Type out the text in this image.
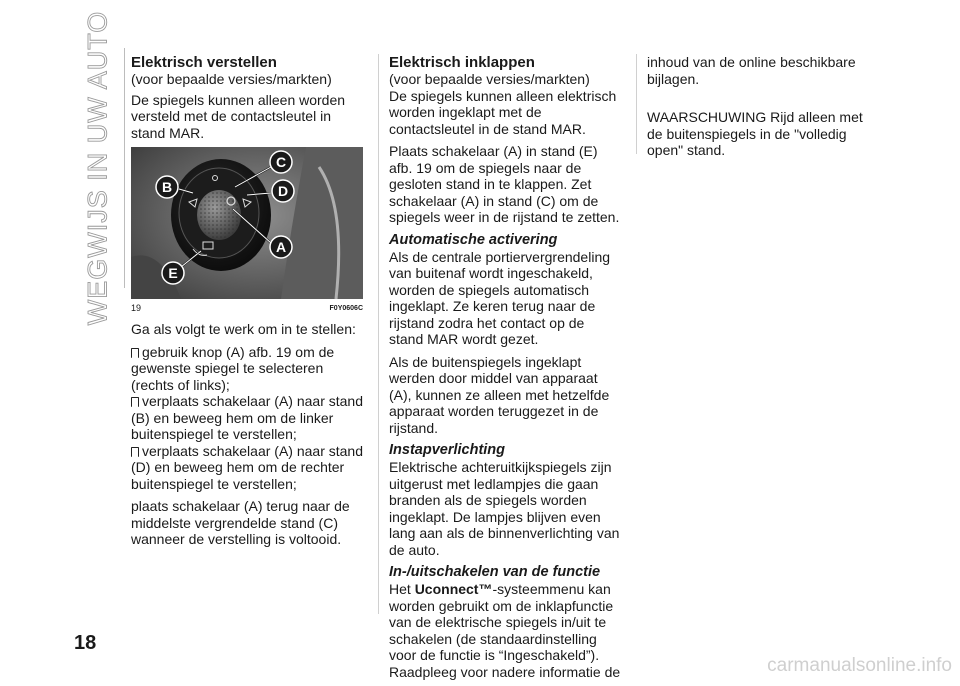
WEGWIJS IN UW AUTO Elektrisch verstellen

(voor bepaalde versies/markten)

De spiegels kunnen alleen worden versteld met de contactsleutel in stand MAR.

B
C
D
A
E
19	F0Y0606C

Ga als volgt te werk om in te stellen:

gebruik knop (A) afb. 19 om de gewenste spiegel te selecteren (rechts of links);

verplaats schakelaar (A) naar stand (B) en beweeg hem om de linker buitenspiegel te verstellen;

verplaats schakelaar (A) naar stand (D) en beweeg hem om de rechter buitenspiegel te verstellen;

plaats schakelaar (A) terug naar de middelste vergrendelde stand (C) wanneer de verstelling is voltooid.

Elektrisch inklappen

(voor bepaalde versies/markten)

De spiegels kunnen alleen elektrisch worden ingeklapt met de contactsleutel in de stand MAR.

Plaats schakelaar (A) in stand (E) afb. 19 om de spiegels naar de gesloten stand in te klappen. Zet schakelaar (A) in stand (C) om de spiegels weer in de rijstand te zetten.

Automatische activering

Als de centrale portiervergrendeling van buitenaf wordt ingeschakeld, worden de spiegels automatisch ingeklapt. Ze keren terug naar de rijstand zodra het contact op de stand MAR wordt gezet.

Als de buitenspiegels ingeklapt werden door middel van apparaat (A), kunnen ze alleen met hetzelfde apparaat worden teruggezet in de rijstand.

Instapverlichting

Elektrische achteruitkijkspiegels zijn uitgerust met ledlampjes die gaan branden als de spiegels worden ingeklapt. De lampjes blijven even lang aan als de binnenverlichting van de auto.

In-/uitschakelen van de functie

Het Uconnect™-systeemmenu kan worden gebruikt om de inklapfunctie van de elektrische spiegels in/uit te schakelen (de standaardinstelling voor de functie is “Ingeschakeld”). Raadpleeg voor nadere informatie de

inhoud van de online beschikbare bijlagen.

WAARSCHUWING Rijd alleen met de buitenspiegels in de "volledig open" stand.

18
carmanualsonline.info
